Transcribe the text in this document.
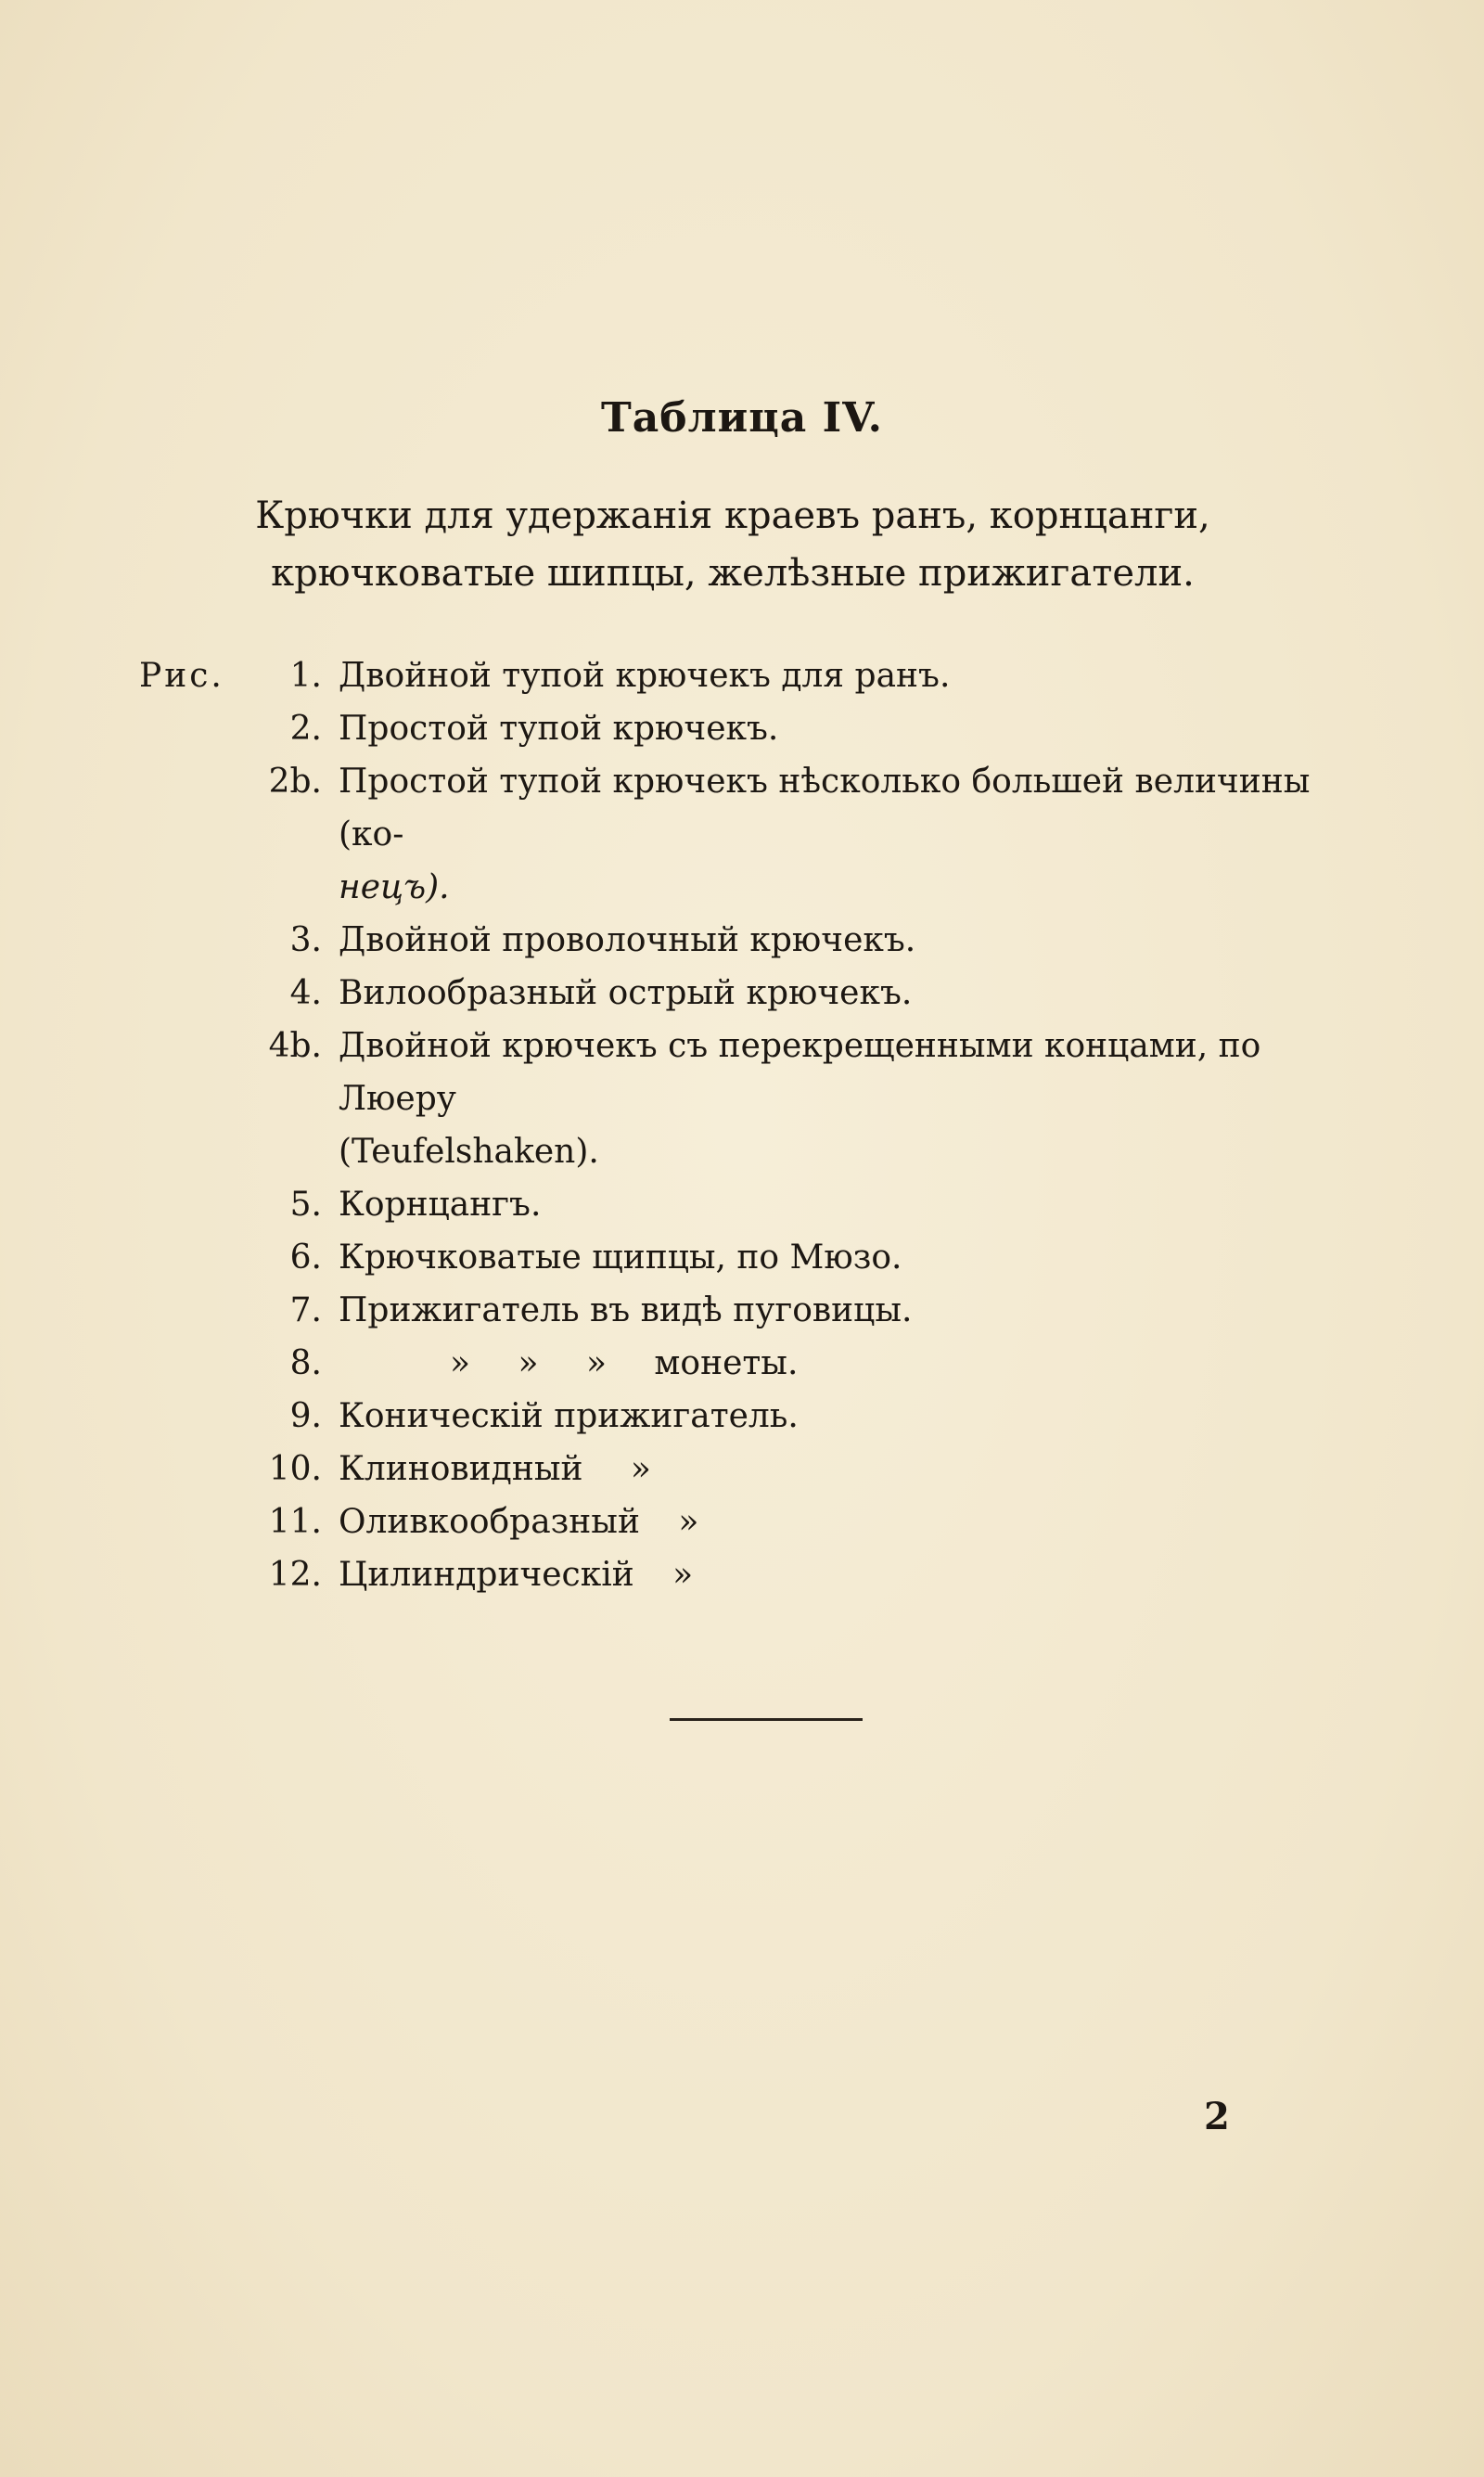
Таблица IV.
Крючки для удержанія краевъ ранъ, корнцанги, крючковатые шипцы, желѣзные прижигатели.
Рис.	1. Двойной тупой крючекъ для ранъ.
2. Простой тупой крючекъ.
2b. Простой тупой крючекъ нѣсколько большей величины (ко-
нецъ).
3. Двойной проволочный крючекъ.
4. Вилообразный острый крючекъ.
4b. Двойной крючекъ съ перекрещенными концами, по Люеру
(Teufelshaken).
5. Корнцангъ.
6. Крючковатые щипцы, по Мюзо.
7. Прижигатель въ видѣ пуговицы.
8.	» » » монеты.
9. Коническій прижигатель.
10. Клиновидный »
11. Оливкообразный »
12. Цилиндрическій »
2
